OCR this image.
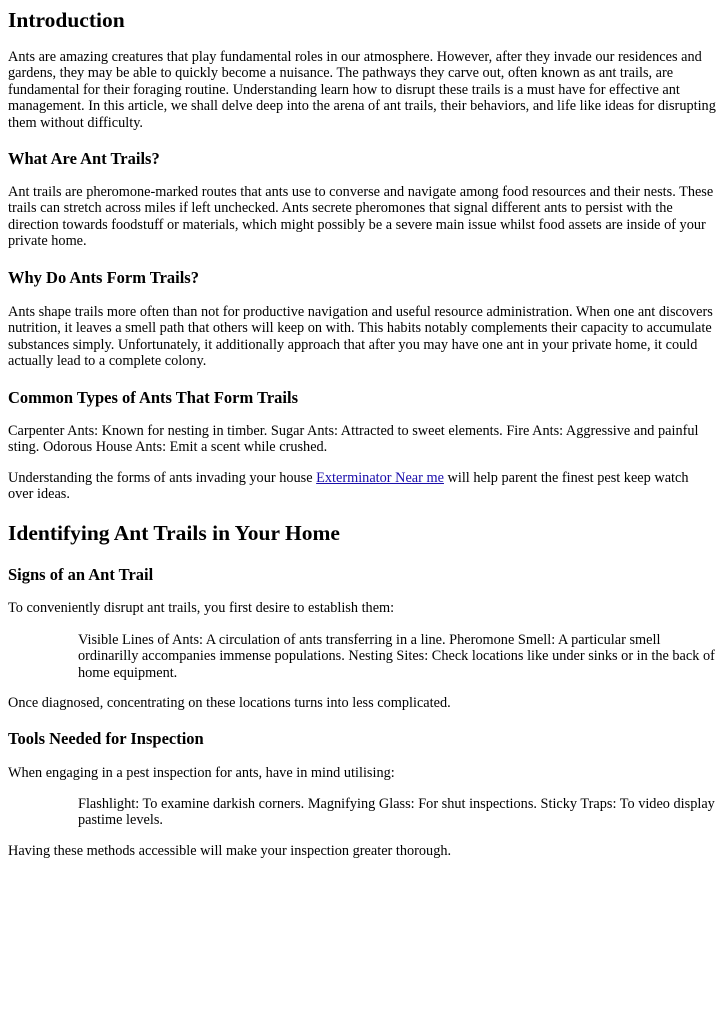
Introduction

Ants are amazing creatures that play fundamental roles in our atmosphere. However, after they invade our residences and gardens, they may be able to quickly become a nuisance. The pathways they carve out, often known as ant trails, are fundamental for their foraging routine. Understanding learn how to disrupt these trails is a must have for effective ant management. In this article, we shall delve deep into the arena of ant trails, their behaviors, and life like ideas for disrupting them without difficulty.

What Are Ant Trails?

Ant trails are pheromone-marked routes that ants use to converse and navigate among food resources and their nests. These trails can stretch across miles if left unchecked. Ants secrete pheromones that signal different ants to persist with the direction towards foodstuff or materials, which might possibly be a severe main issue whilst food assets are inside of your private home.

Why Do Ants Form Trails?

Ants shape trails more often than not for productive navigation and useful resource administration. When one ant discovers nutrition, it leaves a smell path that others will keep on with. This habits notably complements their capacity to accumulate substances simply. Unfortunately, it additionally approach that after you may have one ant in your private home, it could actually lead to a complete colony.

Common Types of Ants That Form Trails

Carpenter Ants: Known for nesting in timber. Sugar Ants: Attracted to sweet elements. Fire Ants: Aggressive and painful sting. Odorous House Ants: Emit a scent while crushed.

Understanding the forms of ants invading your house Exterminator Near me will help parent the finest pest keep watch over ideas.

Identifying Ant Trails in Your Home
Signs of an Ant Trail

To conveniently disrupt ant trails, you first desire to establish them:

Visible Lines of Ants: A circulation of ants transferring in a line. Pheromone Smell: A particular smell ordinarilly accompanies immense populations. Nesting Sites: Check locations like under sinks or in the back of home equipment.

Once diagnosed, concentrating on these locations turns into less complicated.

Tools Needed for Inspection

When engaging in a pest inspection for ants, have in mind utilising:

Flashlight: To examine darkish corners. Magnifying Glass: For shut inspections. Sticky Traps: To video display pastime levels.

Having these methods accessible will make your inspection greater thorough.
